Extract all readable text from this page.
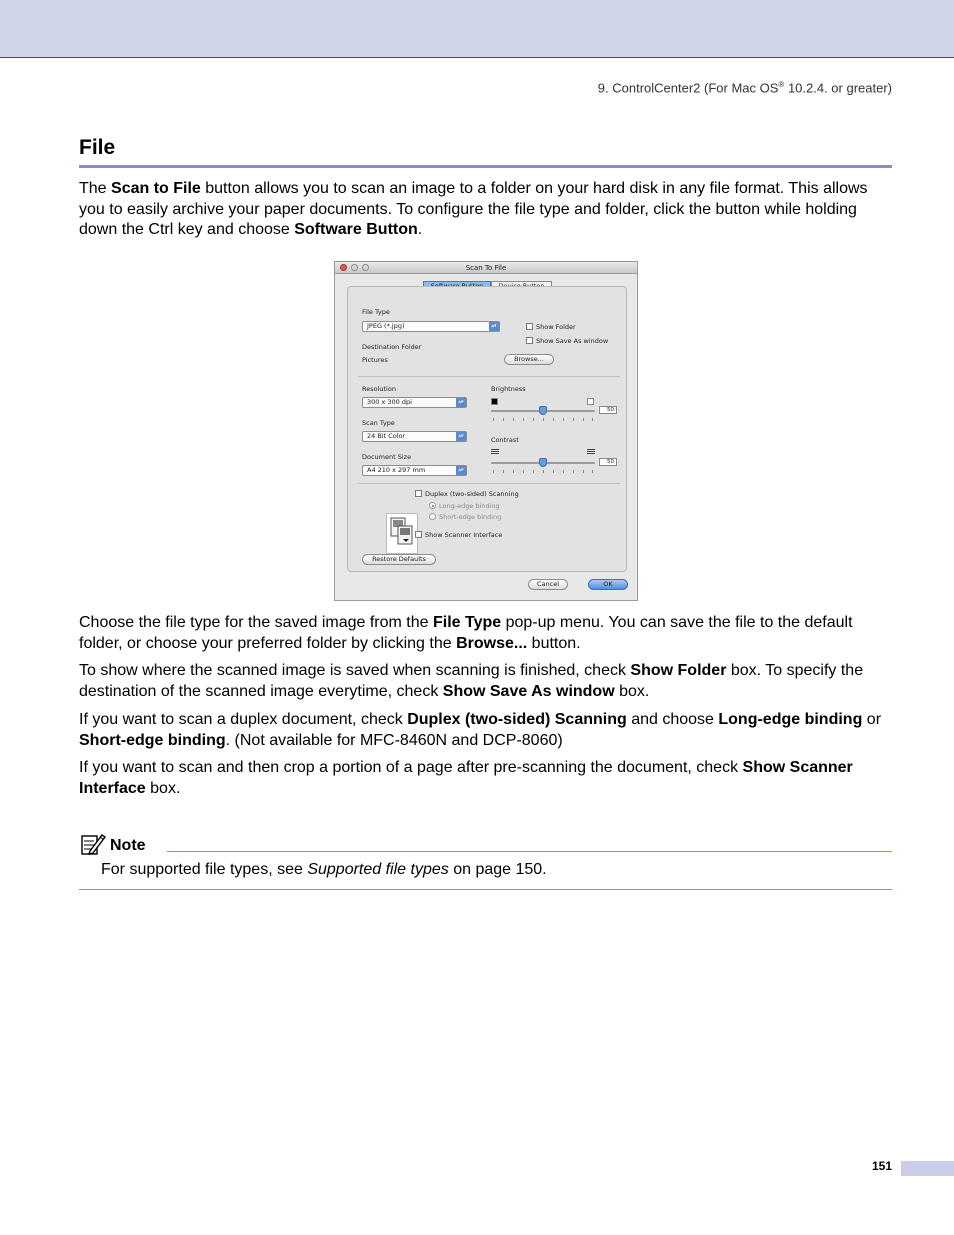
9. ControlCenter2 (For Mac OS® 10.2.4. or greater)
File

The Scan to File button allows you to scan an image to a folder on your hard disk in any file format. This allows you to easily archive your paper documents. To configure the file type and folder, click the button while holding down the Ctrl key and choose Software Button.

Scan To File
File Type
JPEG (*.jpg)	▴▾	Show Folder
Show Save As window
Destination Folder
Pictures	Browse...
Resolution
300 x 300 dpi	▴▾
Scan Type
24 Bit Color	▴▾
Document Size
A4 210 x 297 mm	▴▾
Brightness
50
Contrast
50
Duplex (two-sided) Scanning
Long-edge binding
Short-edge binding
Show Scanner Interface
Restore Defaults
Cancel	OK

Choose the file type for the saved image from the File Type pop-up menu. You can save the file to the default folder, or choose your preferred folder by clicking the Browse... button.

To show where the scanned image is saved when scanning is finished, check Show Folder box. To specify the destination of the scanned image everytime, check Show Save As window box.

If you want to scan a duplex document, check Duplex (two-sided) Scanning and choose Long-edge binding or Short-edge binding. (Not available for MFC-8460N and DCP-8060)

If you want to scan and then crop a portion of a page after pre-scanning the document, check Show Scanner Interface box.

Note

For supported file types, see Supported file types on page 150.

151
